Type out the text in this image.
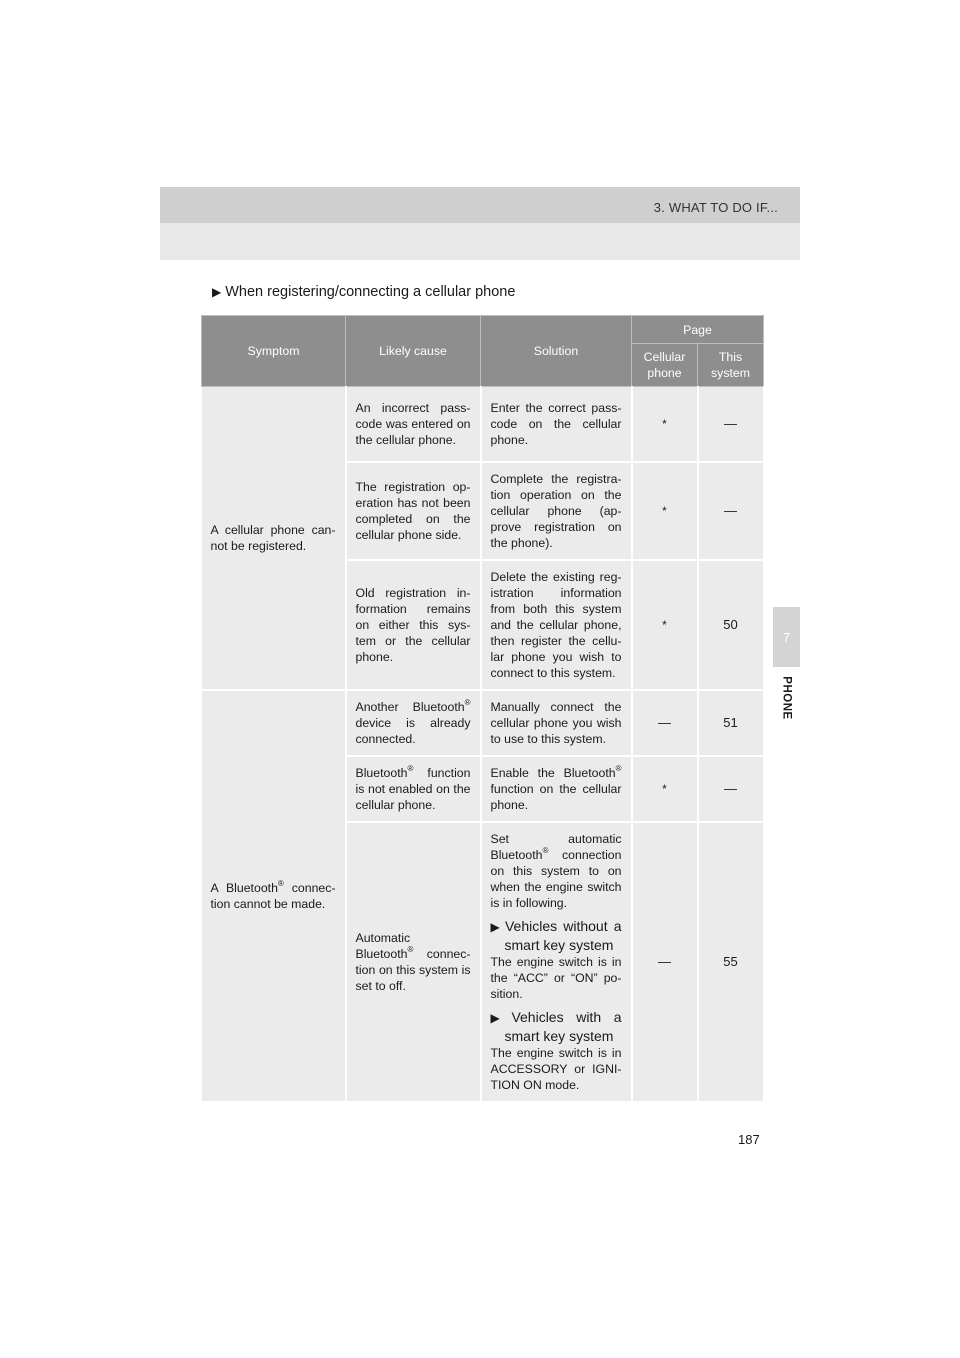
3. WHAT TO DO IF...
▶ When registering/connecting a cellular phone
7
PHONE
Symptom	Likely cause	Solution	Page	
			Cellular phone	This system
A cellular phone can-not be registered.	An incorrect pass-code was entered on the cellular phone.	Enter the correct pass-code on the cellular phone.	*	—
	The registration op-eration has not been completed on the cellular phone side.	Complete the registra-tion operation on the cellular phone (ap-prove registration on the phone).	*	—
	Old registration in-formation remains on either this sys-tem or the cellular phone.	Delete the existing reg-istration information from both this system and the cellular phone, then register the cellu-lar phone you wish to connect to this system.	*	50
A Bluetooth® connec-tion cannot be made.	Another Bluetooth® device is already connected.	Manually connect the cellular phone you wish to use to this system.	—	51
	Bluetooth® function is not enabled on the cellular phone.	Enable the Bluetooth® function on the cellular phone.	*	—
	Automatic Bluetooth® connec-tion on this system is set to off.	Set automatic Bluetooth® connection on this system to on when the engine switch is in following.

▶ Vehicles without a smart key system

The engine switch is in the “ACC” or “ON” po-sition.

▶ Vehicles with a smart key system

The engine switch is in ACCESSORY or IGNI-TION ON mode.	—	55
187
